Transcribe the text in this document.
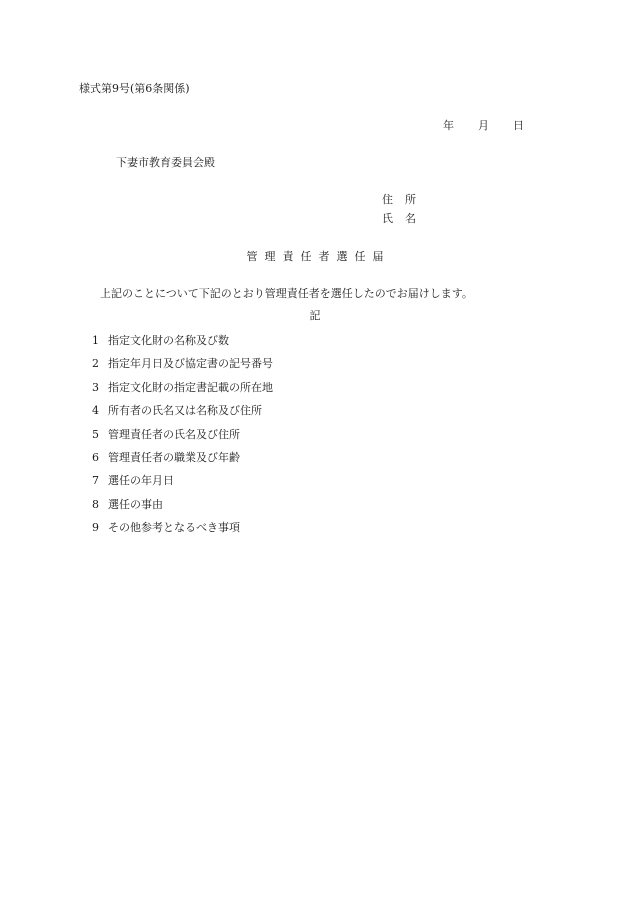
様式第9号(第6条関係)
年 月 日
下妻市教育委員会殿
住 所
氏 名
管理責任者選任届
上記のことについて下記のとおり管理責任者を選任したのでお届けします。
記
1 指定文化財の名称及び数
2 指定年月日及び協定書の記号番号
3 指定文化財の指定書記載の所在地
4 所有者の氏名又は名称及び住所
5 管理責任者の氏名及び住所
6 管理責任者の職業及び年齢
7 選任の年月日
8 選任の事由
9 その他参考となるべき事項
